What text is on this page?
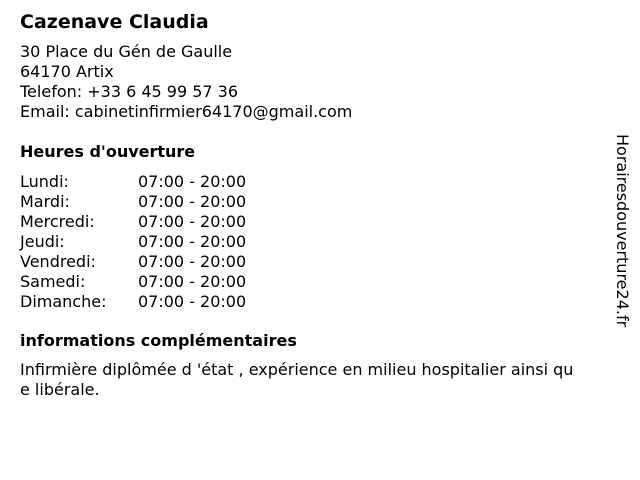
Cazenave Claudia
30 Place du Gén de Gaulle
64170 Artix
Telefon: +33 6 45 99 57 36
Email: cabinetinfirmier64170@gmail.com
Heures d'ouverture
Lundi:	07:00 - 20:00
Mardi:	07:00 - 20:00
Mercredi:	07:00 - 20:00
Jeudi:	07:00 - 20:00
Vendredi:	07:00 - 20:00
Samedi:	07:00 - 20:00
Dimanche:	07:00 - 20:00
informations complémentaires
Infirmière diplômée d 'état , expérience en milieu hospitalier ainsi que libérale.
Horairesdouverture24.fr
